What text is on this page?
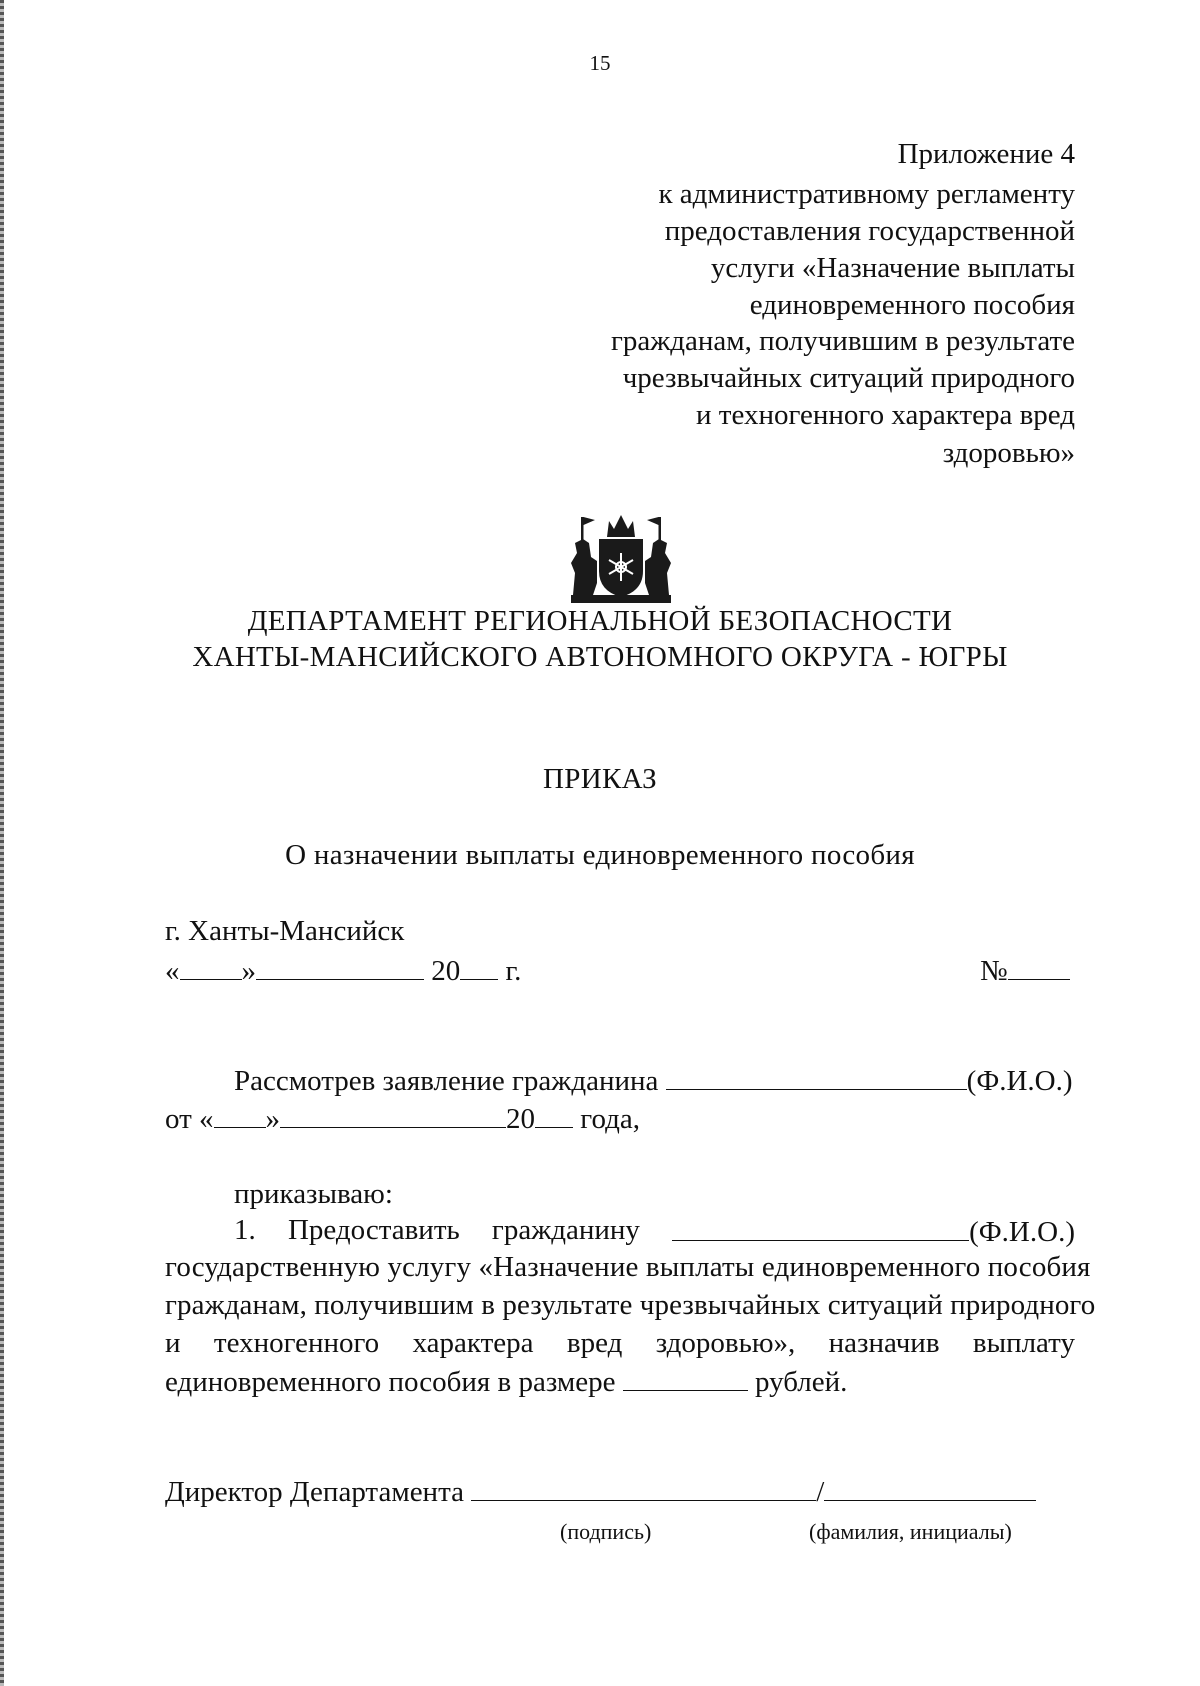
15
Приложение 4
к административному регламенту
предоставления государственной
услуги «Назначение выплаты
единовременного пособия
гражданам, получившим в результате
чрезвычайных ситуаций природного
и техногенного характера вред
здоровью»
ДЕПАРТАМЕНТ РЕГИОНАЛЬНОЙ БЕЗОПАСНОСТИ
ХАНТЫ-МАНСИЙСКОГО АВТОНОМНОГО ОКРУГА - ЮГРЫ
ПРИКАЗ
О назначении выплаты единовременного пособия
г. Ханты-Мансийск
« »	20 г.	№
Рассмотрев заявление гражданина	(Ф.И.О.)
от « »	20 года,
приказываю:
1. Предоставить гражданину	(Ф.И.О.)
государственную услугу «Назначение выплаты единовременного пособия
гражданам, получившим в результате чрезвычайных ситуаций природного
и техногенного характера вред здоровью», назначив выплату
единовременного пособия в размере	рублей.
Директор Департамента	/
(подпись)	(фамилия, инициалы)
